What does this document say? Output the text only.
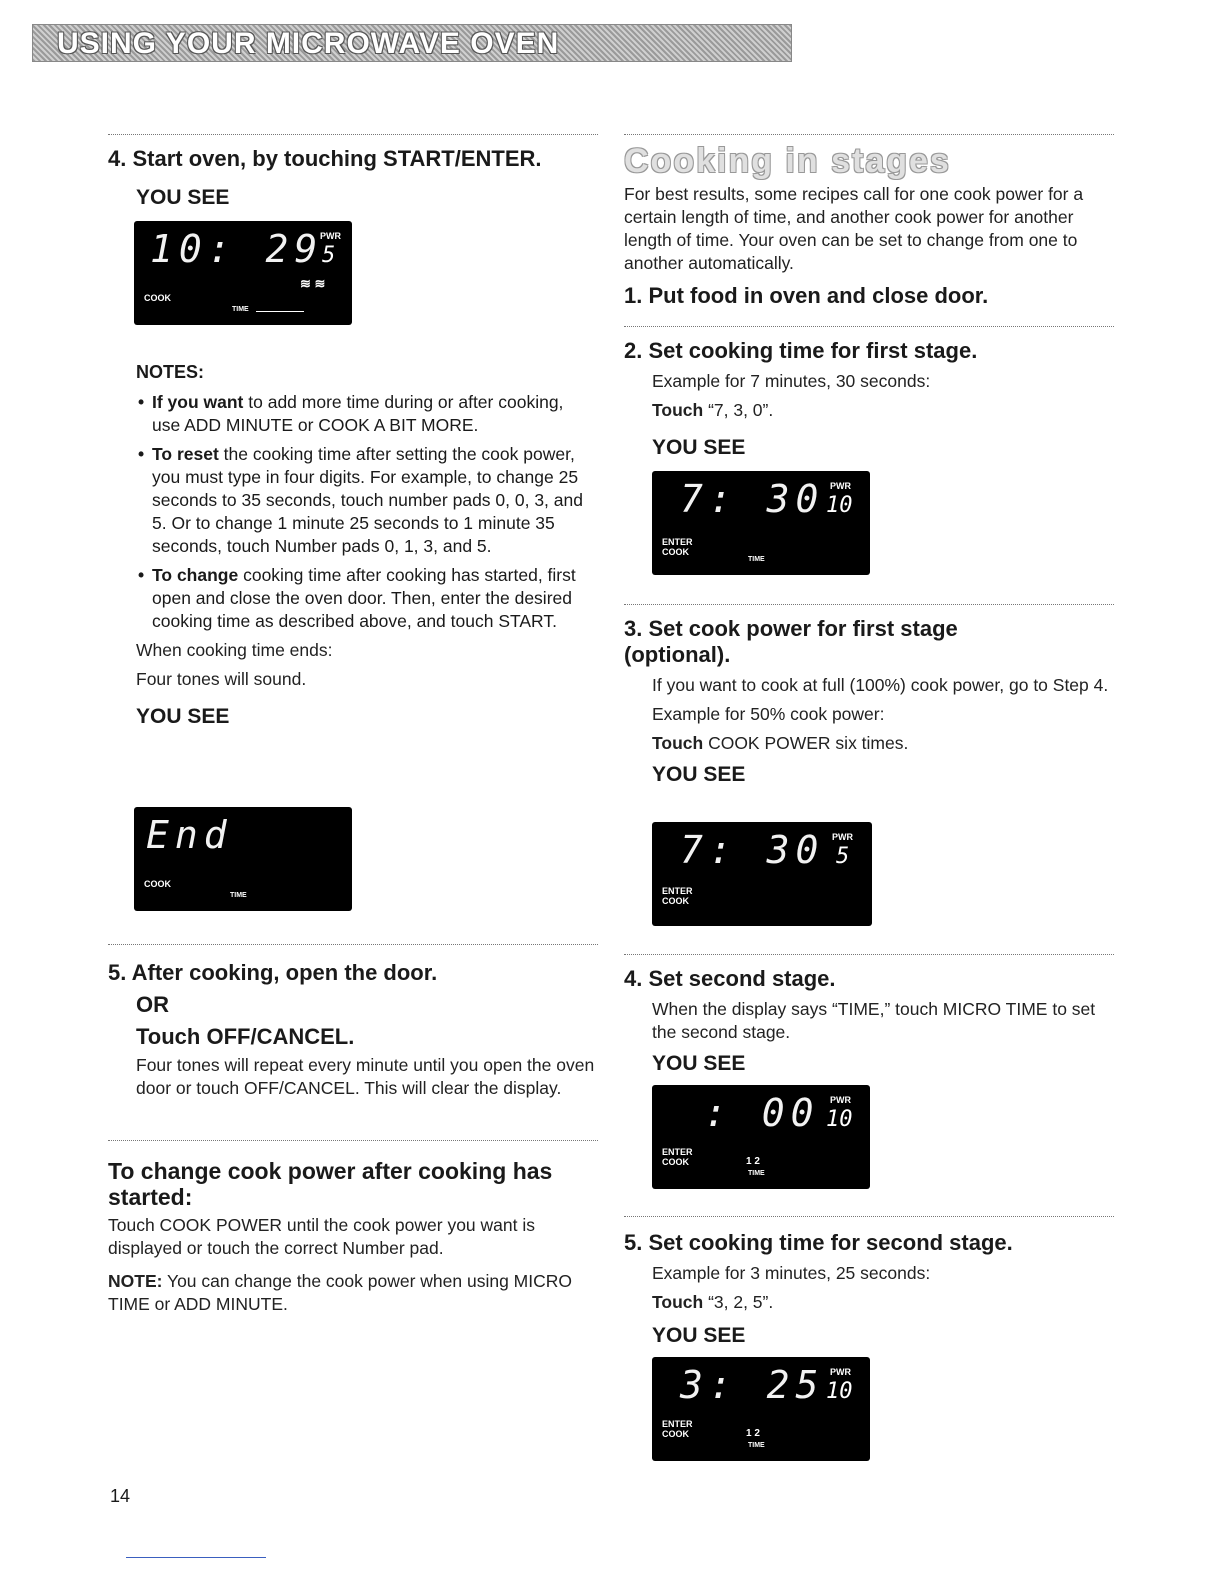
USING YOUR MICROWAVE OVEN
4. Start oven, by touching START/ENTER.

YOU SEE

10: 29
PWR
5
≋ ≋
COOK
TIME

NOTES:

• If you want to add more time during or after cooking, use ADD MINUTE or COOK A BIT MORE.
• To reset the cooking time after setting the cook power, you must type in four digits. For example, to change 25 seconds to 35 seconds, touch number pads 0, 0, 3, and 5. Or to change 1 minute 25 seconds to 1 minute 35 seconds, touch Number pads 0, 1, 3, and 5.
• To change cooking time after cooking has started, first open and close the oven door. Then, enter the desired cooking time as described above, and touch START.

When cooking time ends:

Four tones will sound.

YOU SEE

End
COOK
TIME
5. After cooking, open the door.
OR
Touch OFF/CANCEL.

Four tones will repeat every minute until you open the oven door or touch OFF/CANCEL. This will clear the display.

To change cook power after cooking has started:

Touch COOK POWER until the cook power you want is displayed or touch the correct Number pad.

NOTE: You can change the cook power when using MICRO TIME or ADD MINUTE.

14
Cooking in stages

For best results, some recipes call for one cook power for a certain length of time, and another cook power for another length of time. Your oven can be set to change from one to another automatically.

1. Put food in oven and close door.
2. Set cooking time for first stage.

Example for 7 minutes, 30 seconds:

Touch “7, 3, 0”.

YOU SEE

7: 30 PWR
10
ENTER
COOK
TIME
3. Set cook power for first stage (optional).

If you want to cook at full (100%) cook power, go to Step 4.

Example for 50% cook power:

Touch COOK POWER six times.

YOU SEE

7: 30 PWR
5
ENTER
COOK
4. Set second stage.

When the display says “TIME,” touch MICRO TIME to set the second stage.

YOU SEE

: 00 PWR
10
ENTER
COOK	1 2
TIME
5. Set cooking time for second stage.

Example for 3 minutes, 25 seconds:

Touch “3, 2, 5”.

YOU SEE

3: 25 PWR
10
ENTER
COOK	1 2
TIME
